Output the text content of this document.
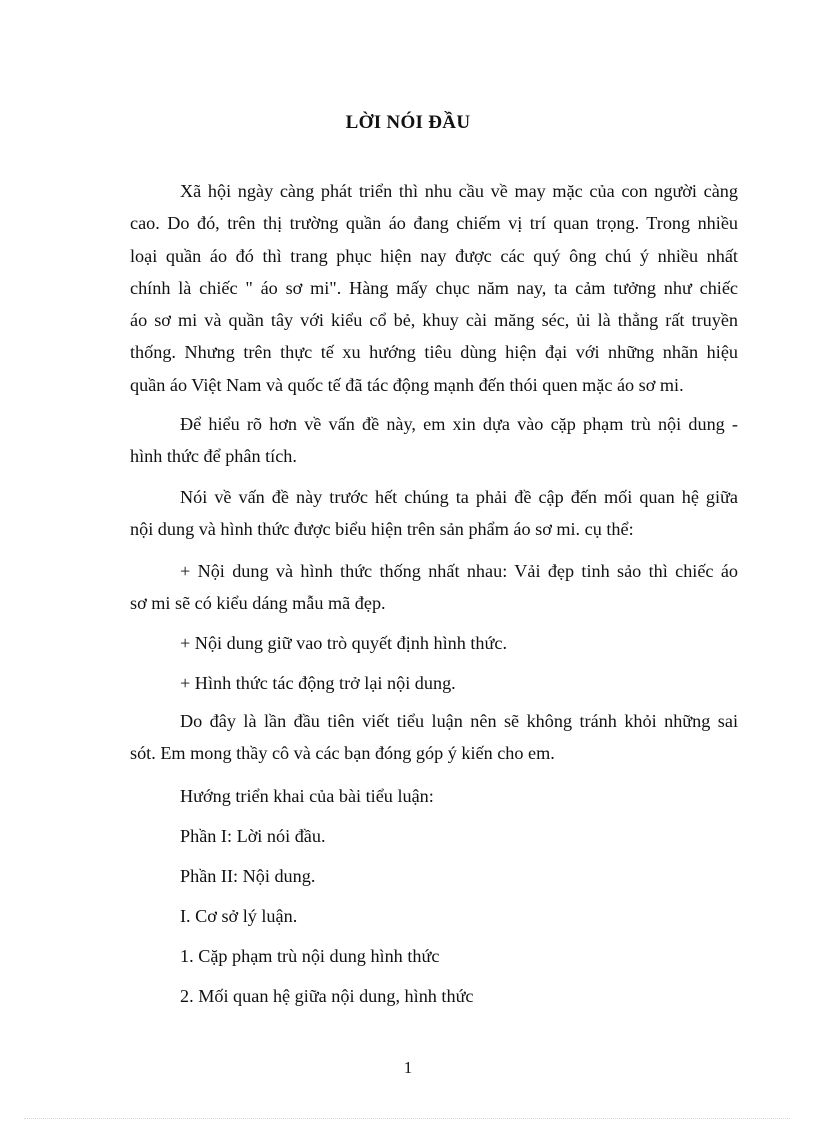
LỜI NÓI ĐẦU
Xã hội ngày càng phát triển thì nhu cầu về may mặc của con người càng
cao. Do đó, trên thị trường quần áo đang chiếm vị trí quan trọng. Trong nhiều
loại quần áo đó thì trang phục hiện nay được các quý ông chú ý nhiều nhất
chính là chiếc " áo sơ mi". Hàng mấy chục năm nay, ta cảm tưởng như chiếc
áo sơ mi và quần tây với kiểu cổ bẻ, khuy cài măng séc, ủi là thẳng rất truyền
thống. Nhưng trên thực tế xu hướng tiêu dùng hiện đại với những nhãn hiệu
quần áo Việt Nam và quốc tế đã tác động mạnh đến thói quen mặc áo sơ mi.
Để hiểu rõ hơn về vấn đề này, em xin dựa vào cặp phạm trù nội dung -
hình thức để phân tích.
Nói về vấn đề này trước hết chúng ta phải đề cập đến mối quan hệ giữa
nội dung và hình thức được biểu hiện trên sản phẩm áo sơ mi. cụ thể:
+ Nội dung và hình thức thống nhất nhau: Vải đẹp tinh sảo thì chiếc áo
sơ mi sẽ có kiểu dáng mẫu mã đẹp.
+ Nội dung giữ vao trò quyết định hình thức.
+ Hình thức tác động trở lại nội dung.
Do đây là lần đầu tiên viết tiểu luận nên sẽ không tránh khỏi những sai
sót. Em mong thầy cô và các bạn đóng góp ý kiến cho em.
Hướng triển khai của bài tiểu luận:
Phần I: Lời nói đầu.
Phần II: Nội dung.
I. Cơ sở lý luận.
1. Cặp phạm trù nội dung hình thức
2. Mối quan hệ giữa nội dung, hình thức
1
